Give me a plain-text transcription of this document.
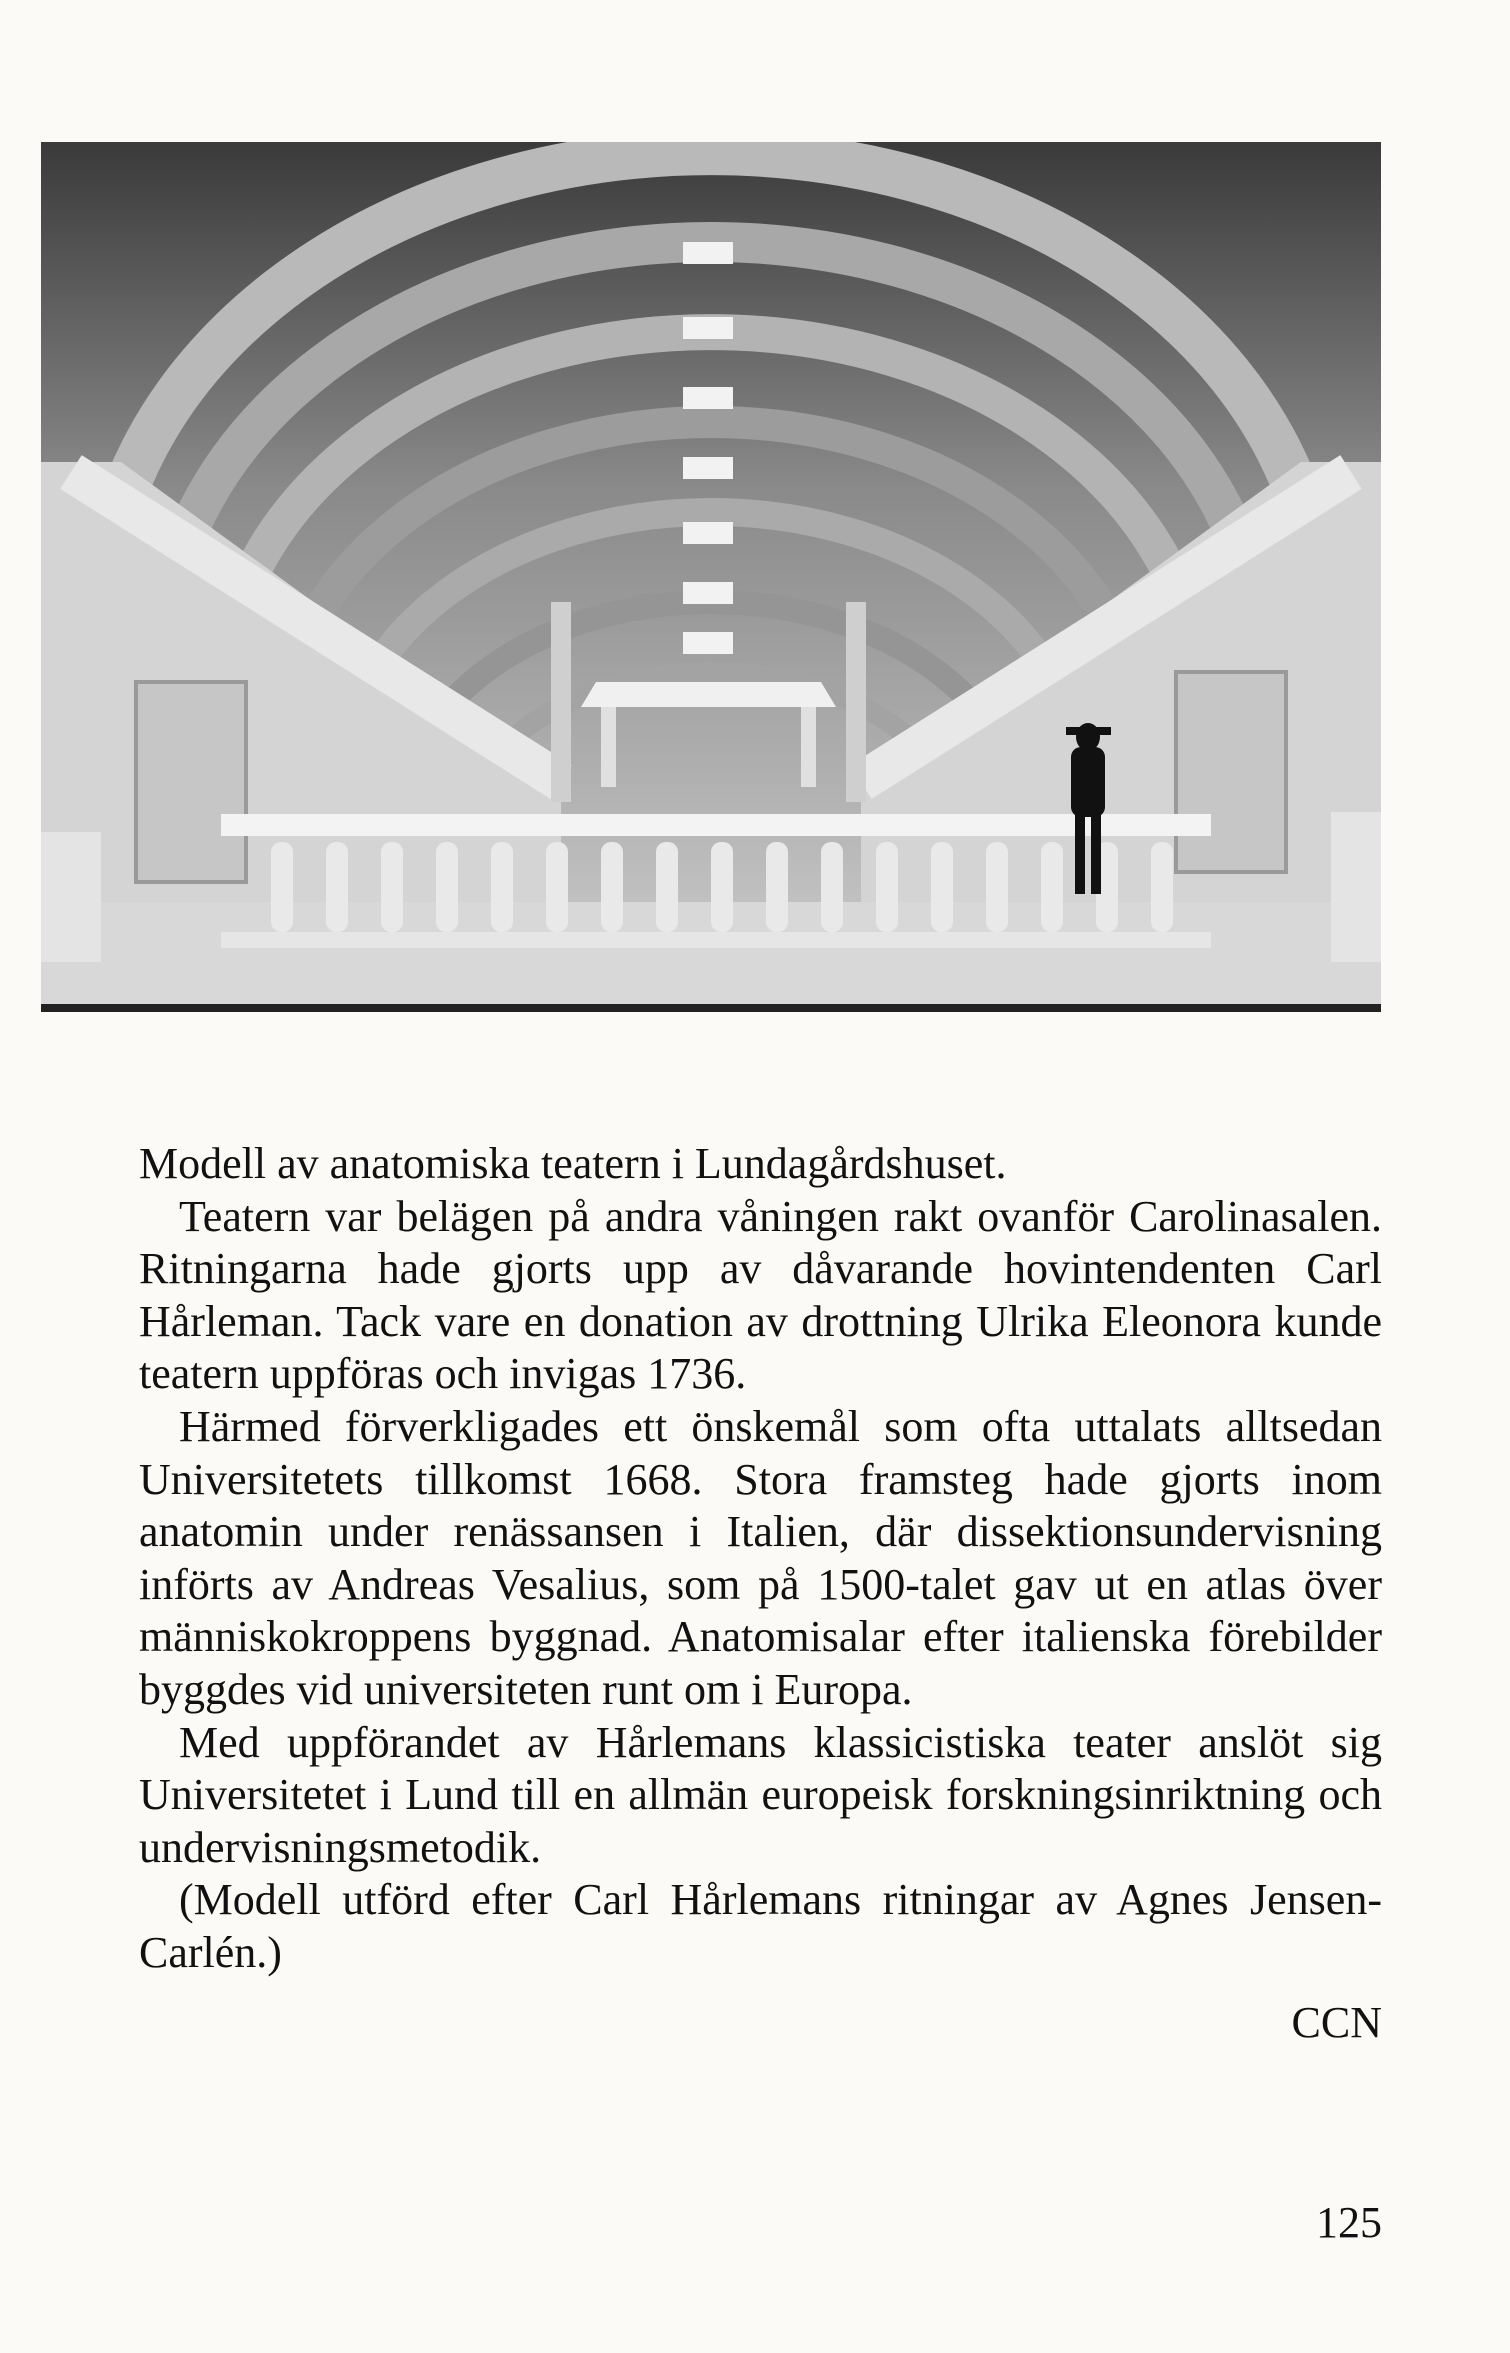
Modell av anatomiska teatern i Lundagårdshuset.

Teatern var belägen på andra våningen rakt ovanför Carolinasalen. Ritningarna hade gjorts upp av dåvarande hovintendenten Carl Hårleman. Tack vare en donation av drottning Ulrika Eleonora kunde teatern uppföras och invigas 1736.

Härmed förverkligades ett önskemål som ofta uttalats alltsedan Universitetets tillkomst 1668. Stora framsteg hade gjorts inom anatomin under renässansen i Italien, där dissektionsundervisning införts av Andreas Vesalius, som på 1500-talet gav ut en atlas över människokroppens byggnad. Anatomisalar efter italienska förebilder byggdes vid universiteten runt om i Europa.

Med uppförandet av Hårlemans klassicistiska teater anslöt sig Universitetet i Lund till en allmän europeisk forskningsinriktning och undervisningsmetodik.

(Modell utförd efter Carl Hårlemans ritningar av Agnes Jensen-Carlén.)

CCN
125
